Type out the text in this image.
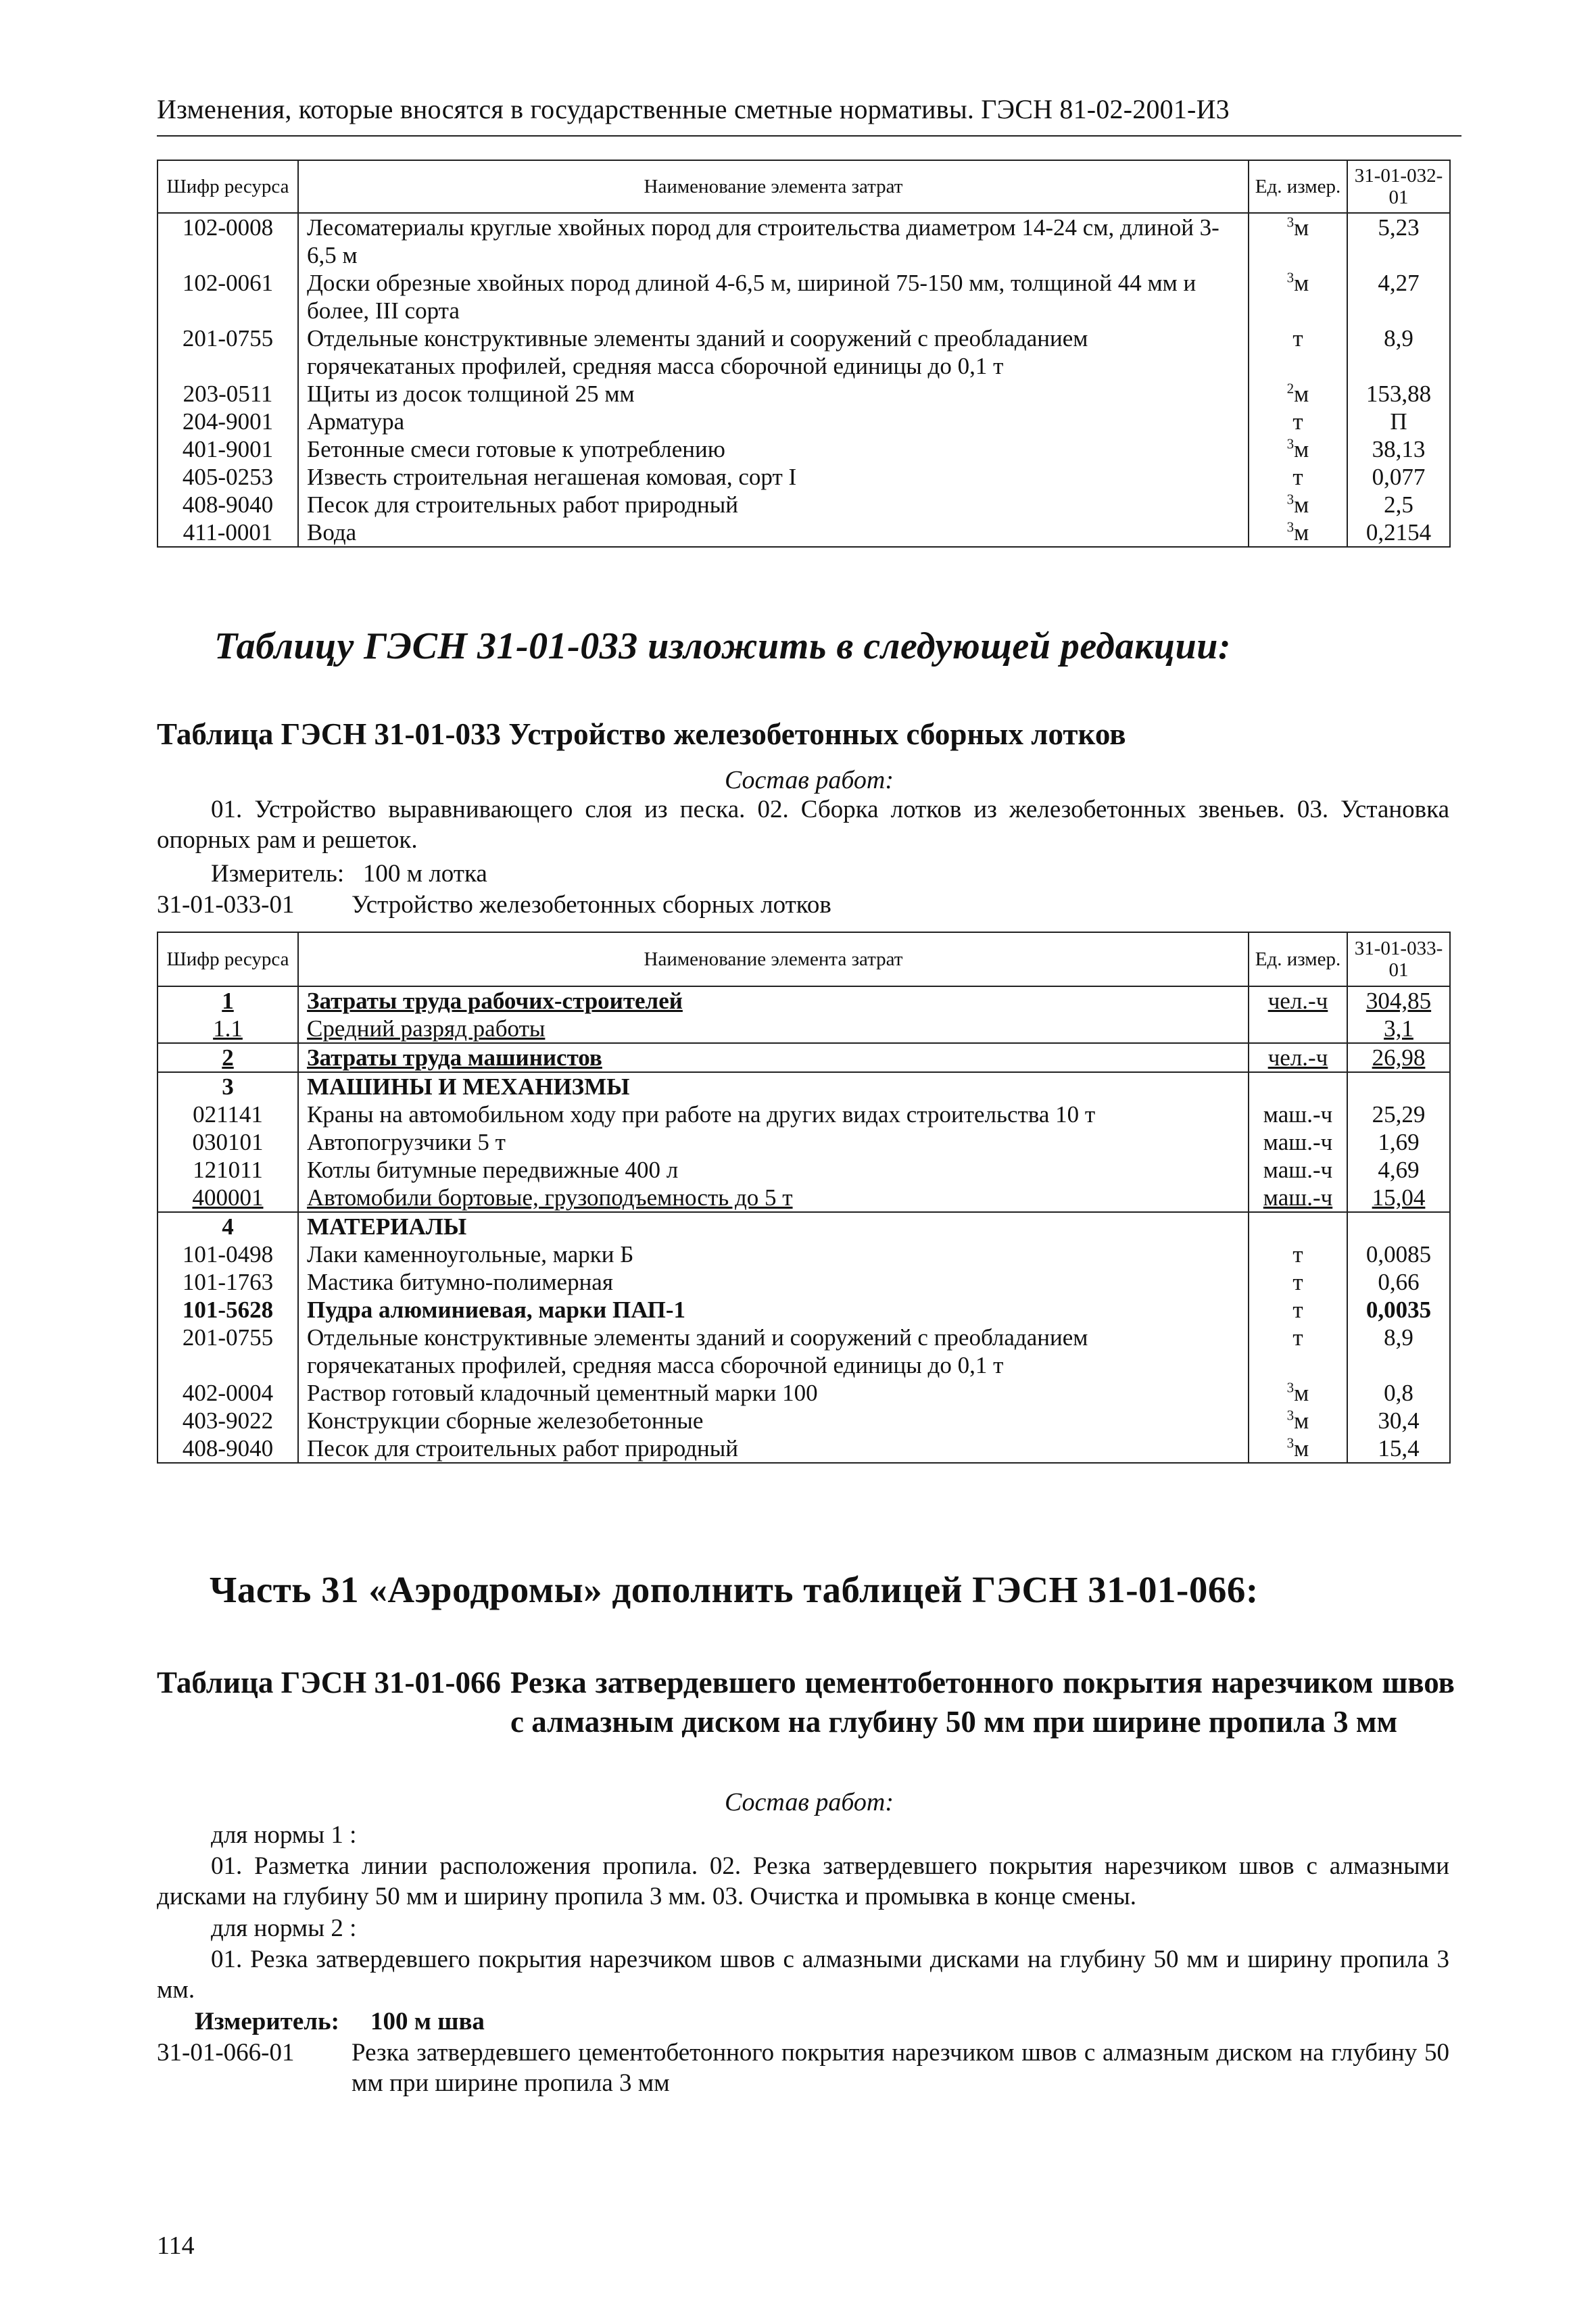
Изменения, которые вносятся в государственные сметные нормативы. ГЭСН 81-02-2001-И3
Шифр ресурса	Наименование элемента затрат	Ед. измер.	31-01-032-01
102-0008	Лесоматериалы круглые хвойных пород для строительства диаметром 14-24 см, длиной 3-6,5 м	$^3$м	5,23
102-0061	Доски обрезные хвойных пород длиной 4-6,5 м, шириной 75-150 мм, толщиной 44 мм и более, III сорта	$^3$м	4,27
201-0755	Отдельные конструктивные элементы зданий и сооружений с преобладанием горячекатаных профилей, средняя масса сборочной единицы до 0,1 т	т	8,9
203-0511	Щиты из досок толщиной 25 мм	$^2$м	153,88
204-9001	Арматура	т	П
401-9001	Бетонные смеси готовые к употреблению	$^3$м	38,13
405-0253	Известь строительная негашеная комовая, сорт I	т	0,077
408-9040	Песок для строительных работ природный	$^3$м	2,5
411-0001	Вода	$^3$м	0,2154
Таблицу ГЭСН 31-01-033 изложить в следующей редакции:
Таблица ГЭСН 31-01-033 Устройство железобетонных сборных лотков
Состав работ:
01. Устройство выравнивающего слоя из песка. 02. Сборка лотков из железобетонных звеньев. 03. Установка опорных рам и решеток.
Измеритель:   100 м лотка
31-01-033-01 Устройство железобетонных сборных лотков
Шифр ресурса	Наименование элемента затрат	Ед. измер.	31-01-033-01
1	Затраты труда рабочих-строителей	чел.-ч	304,85
1.1	Средний разряд работы		3,1
2	Затраты труда машинистов	чел.-ч	26,98
3	МАШИНЫ И МЕХАНИЗМЫ		
021141	Краны на автомобильном ходу при работе на других видах строительства 10 т	маш.-ч	25,29
030101	Автопогрузчики 5 т	маш.-ч	1,69
121011	Котлы битумные передвижные 400 л	маш.-ч	4,69
400001	Автомобили бортовые, грузоподъемность до 5 т	маш.-ч	15,04
4	МАТЕРИАЛЫ		
101-0498	Лаки каменноугольные, марки Б	т	0,0085
101-1763	Мастика битумно-полимерная	т	0,66
101-5628	Пудра алюминиевая, марки ПАП-1	т	0,0035
201-0755	Отдельные конструктивные элементы зданий и сооружений с преобладанием горячекатаных профилей, средняя масса сборочной единицы до 0,1 т	т	8,9
402-0004	Раствор готовый кладочный цементный марки 100	$^3$м	0,8
403-9022	Конструкции сборные железобетонные	$^3$м	30,4
408-9040	Песок для строительных работ природный	$^3$м	15,4
Часть 31 «Аэродромы» дополнить таблицей ГЭСН 31-01-066:
Таблица ГЭСН 31-01-066 Резка затвердевшего цементобетонного покрытия нарезчиком швов с алмазным диском на глубину 50 мм при ширине пропила 3 мм
Состав работ:
для нормы 1 :
01. Разметка линии расположения пропила. 02. Резка затвердевшего покрытия нарезчиком швов с алмазными дисками на глубину 50 мм и ширину пропила 3 мм. 03. Очистка и промывка в конце смены.
для нормы 2 :
01. Резка затвердевшего покрытия нарезчиком швов с алмазными дисками на глубину 50 мм и ширину пропила 3 мм.
Измеритель: 100 м шва
31-01-066-01 Резка затвердевшего цементобетонного покрытия нарезчиком швов с алмазным диском на глубину 50 мм при ширине пропила 3 мм
114
